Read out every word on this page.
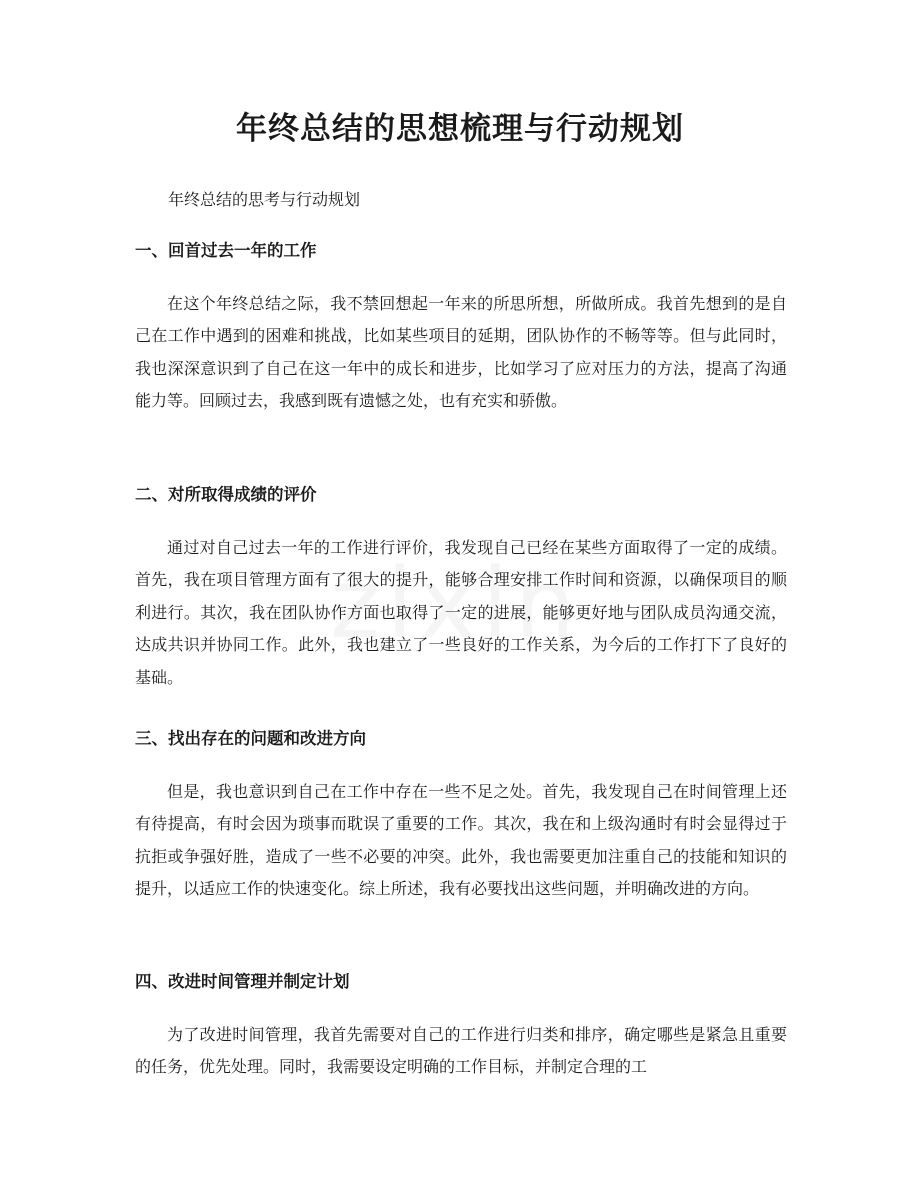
年终总结的思想梳理与行动规划

年终总结的思考与行动规划

一、回首过去一年的工作

在这个年终总结之际，我不禁回想起一年来的所思所想，所做所成。我首先想到的是自己在工作中遇到的困难和挑战，比如某些项目的延期，团队协作的不畅等等。但与此同时，我也深深意识到了自己在这一年中的成长和进步，比如学习了应对压力的方法，提高了沟通能力等。回顾过去，我感到既有遗憾之处，也有充实和骄傲。

二、对所取得成绩的评价

通过对自己过去一年的工作进行评价，我发现自己已经在某些方面取得了一定的成绩。首先，我在项目管理方面有了很大的提升，能够合理安排工作时间和资源，以确保项目的顺利进行。其次，我在团队协作方面也取得了一定的进展，能够更好地与团队成员沟通交流，达成共识并协同工作。此外，我也建立了一些良好的工作关系，为今后的工作打下了良好的基础。

三、找出存在的问题和改进方向

但是，我也意识到自己在工作中存在一些不足之处。首先，我发现自己在时间管理上还有待提高，有时会因为琐事而耽误了重要的工作。其次，我在和上级沟通时有时会显得过于抗拒或争强好胜，造成了一些不必要的冲突。此外，我也需要更加注重自己的技能和知识的提升，以适应工作的快速变化。综上所述，我有必要找出这些问题，并明确改进的方向。

四、改进时间管理并制定计划

为了改进时间管理，我首先需要对自己的工作进行归类和排序，确定哪些是紧急且重要的任务，优先处理。同时，我需要设定明确的工作目标，并制定合理的工
